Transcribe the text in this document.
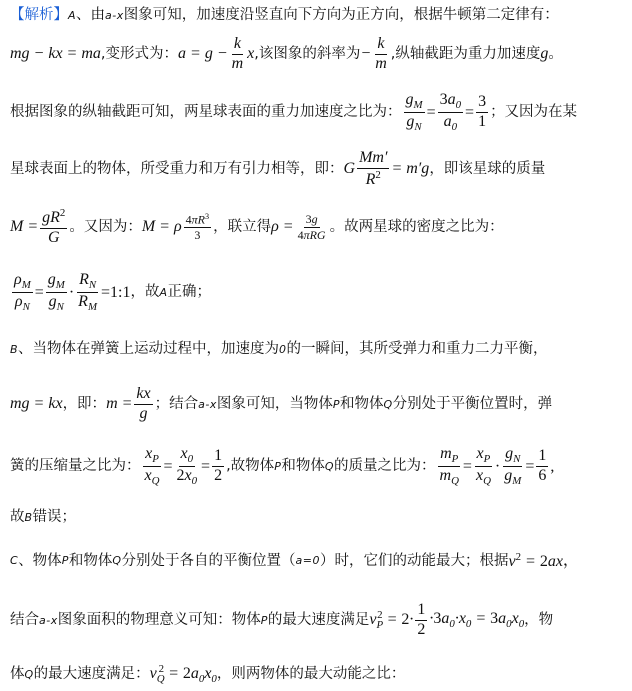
【解析】 A 、由 a-x 图象可知，加速度沿竖直向下方向为正方向，根据牛顿第二定律有：
mg − kx = ma ,变形式为： $a = g - \frac{k}{m}$ x ,该图象的斜率为 − $\frac{k}{m}$ ,纵轴截距为重力加速度 g 。
根据图象的纵轴截距可知，两星球表面的重力加速度之比为： $\frac{g_M}{g_N} = \frac{3a_0}{a_0} = \frac{3}{1}$ ；又因为在某
星球表面上的物体，所受重力和万有引力相等，即： G $\frac{Mm'}{R^2} = m'g$ ，即该星球的质量
$M = \frac{gR^2}{G}$ 。又因为： M = ρ $\frac{4\pi R^3}{3}$ ，联立得 $\rho = \frac{3g}{\text{4πRG}}$ 。故两星球的密度之比为：
$\frac{\rho_M}{\rho_N} = \frac{g_M}{g_N} \cdot \frac{R_N}{R_M}$ =1:1 ，故 A 正确；
B 、当物体在弹簧上运动过程中，加速度为 0 的一瞬间，其所受弹力和重力二力平衡，
mg = kx ，即： $m = \frac{kx}{g}$ ；结合 a-x 图象可知，当物体 P 和物体 Q 分别处于平衡位置时，弹
簧的压缩量之比为： $\frac{x_P}{x_Q} = \frac{x_0}{2x_0} = \frac{1}{2}$ ,故物体 P 和物体 Q 的质量之比为： $\frac{m_P}{m_Q} = \frac{x_P}{x_Q} \cdot \frac{g_N}{g_M} = \frac{1}{6}$ ,
故 B 错误；
C 、物体 P 和物体 Q 分别处于各自的平衡位置（ a=0 ）时，它们的动能最大；根据 $v^2 = 2ax$ ，
结合 a-x 图象面积的物理意义可知：物体 P 的最大速度满足 $v_P^2 = 2\cdot \frac{1}{2} \cdot 3a_0\cdot x_0 = 3a_0x_0$ ，物
体 Q 的最大速度满足： $v_Q^2 = 2a_0x_0$ ，则两物体的最大动能之比：
